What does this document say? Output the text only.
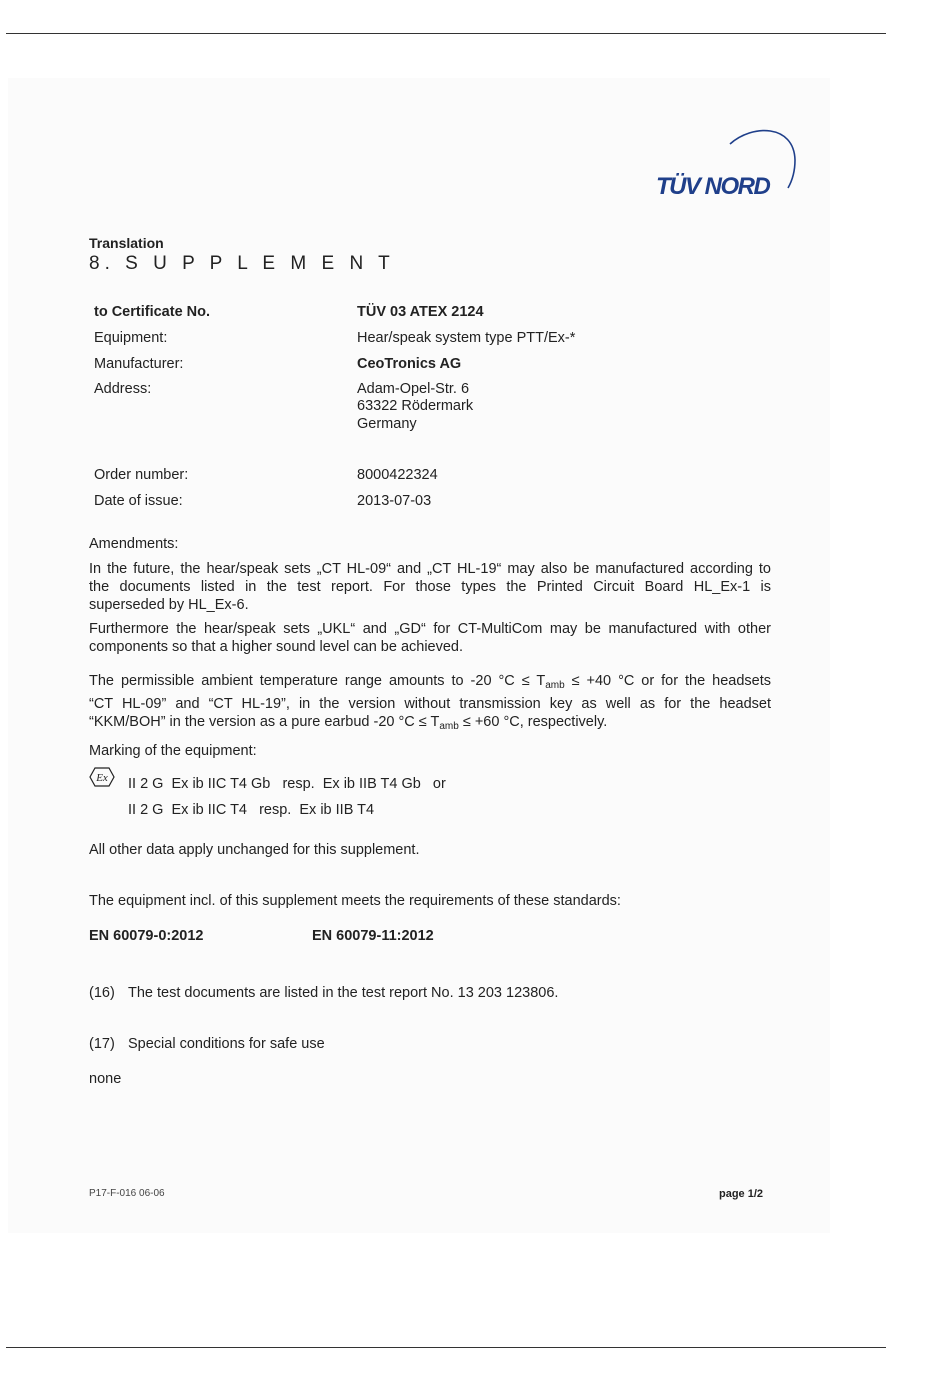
TÜV NORD
Translation
8. S U P P L E M E N T
to Certificate No.	TÜV 03 ATEX 2124
Equipment:	Hear/speak system type PTT/Ex-*
Manufacturer:	CeoTronics AG
Address:	Adam-Opel-Str. 6
63322 Rödermark
Germany
Order number:	8000422324
Date of issue:	2013-07-03
Amendments:
In the future, the hear/speak sets „CT HL-09“ and „CT HL-19“ may also be manufactured according to
the documents listed in the test report. For those types the Printed Circuit Board HL_Ex-1 is
superseded by HL_Ex-6.
Furthermore the hear/speak sets „UKL“ and „GD“ for CT-MultiCom may be manufactured with other
components so that a higher sound level can be achieved.
The permissible ambient temperature range amounts to -20 $^\circ C \le T_{amb} \le +40$ °C or for the headsets
“CT HL-09” and “CT HL-19”, in the version without transmission key as well as for the headset
“KKM/BOH” in the version as a pure earbud -20 $^\circ C \le T_{amb} \le +60$ °C, respectively.
Marking of the equipment:
Ex II 2 G  Ex ib IIC T4 Gb   resp.  Ex ib IIB T4 Gb   or
II 2 G  Ex ib IIC T4   resp.  Ex ib IIB T4
All other data apply unchanged for this supplement.
The equipment incl. of this supplement meets the requirements of these standards:
EN 60079-0:2012	EN 60079-11:2012
(16) The test documents are listed in the test report No. 13 203 123806.
(17) Special conditions for safe use
none
P17-F-016 06-06	page 1/2
